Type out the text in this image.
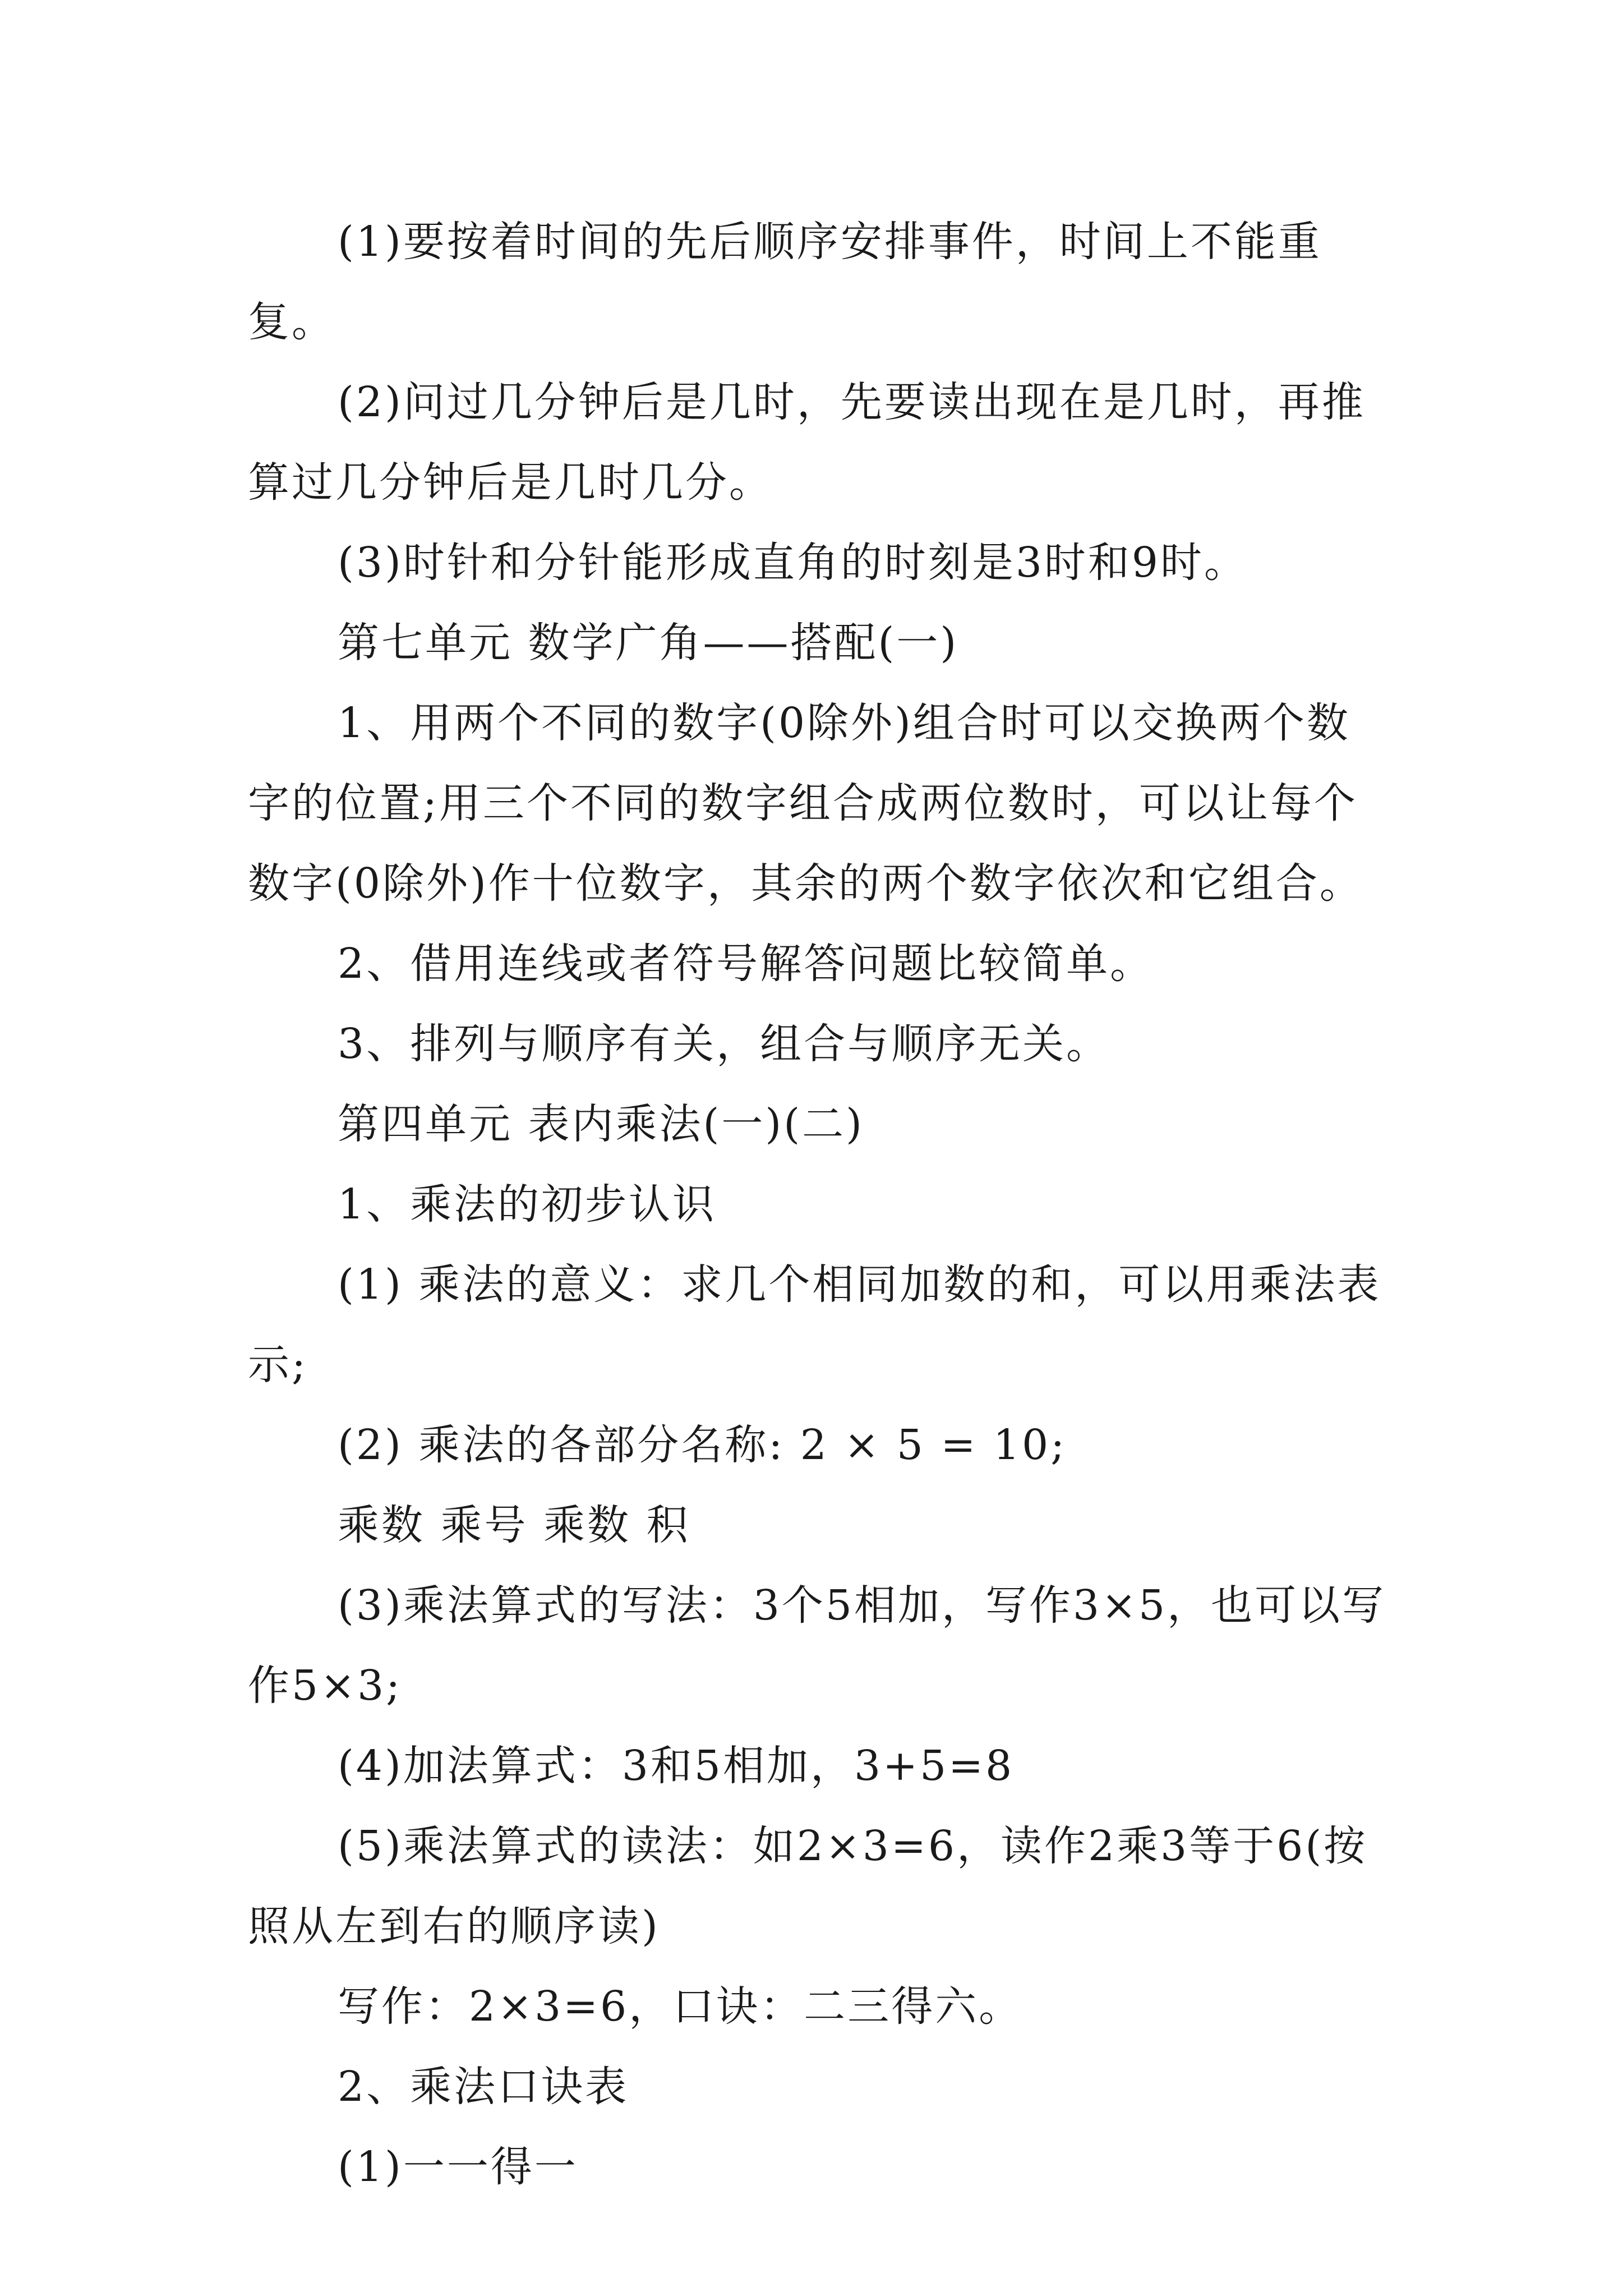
(1)要按着时间的先后顺序安排事件，时间上不能重复。

(2)问过几分钟后是几时，先要读出现在是几时，再推算过几分钟后是几时几分。

(3)时针和分针能形成直角的时刻是3时和9时。

第七单元 数学广角——搭配(一)

1、用两个不同的数字(0除外)组合时可以交换两个数字的位置;用三个不同的数字组合成两位数时，可以让每个数字(0除外)作十位数字，其余的两个数字依次和它组合。

2、借用连线或者符号解答问题比较简单。

3、排列与顺序有关，组合与顺序无关。

第四单元 表内乘法(一)(二)

1、乘法的初步认识

(1) 乘法的意义：求几个相同加数的和，可以用乘法表示;

(2) 乘法的各部分名称: 2 × 5 = 10;

乘数 乘号 乘数 积

(3)乘法算式的写法：3个5相加，写作3×5，也可以写作5×3;

(4)加法算式：3和5相加，3+5=8

(5)乘法算式的读法：如2×3=6，读作2乘3等于6(按照从左到右的顺序读)

写作：2×3=6，口诀：二三得六。

2、乘法口诀表

(1)一一得一
